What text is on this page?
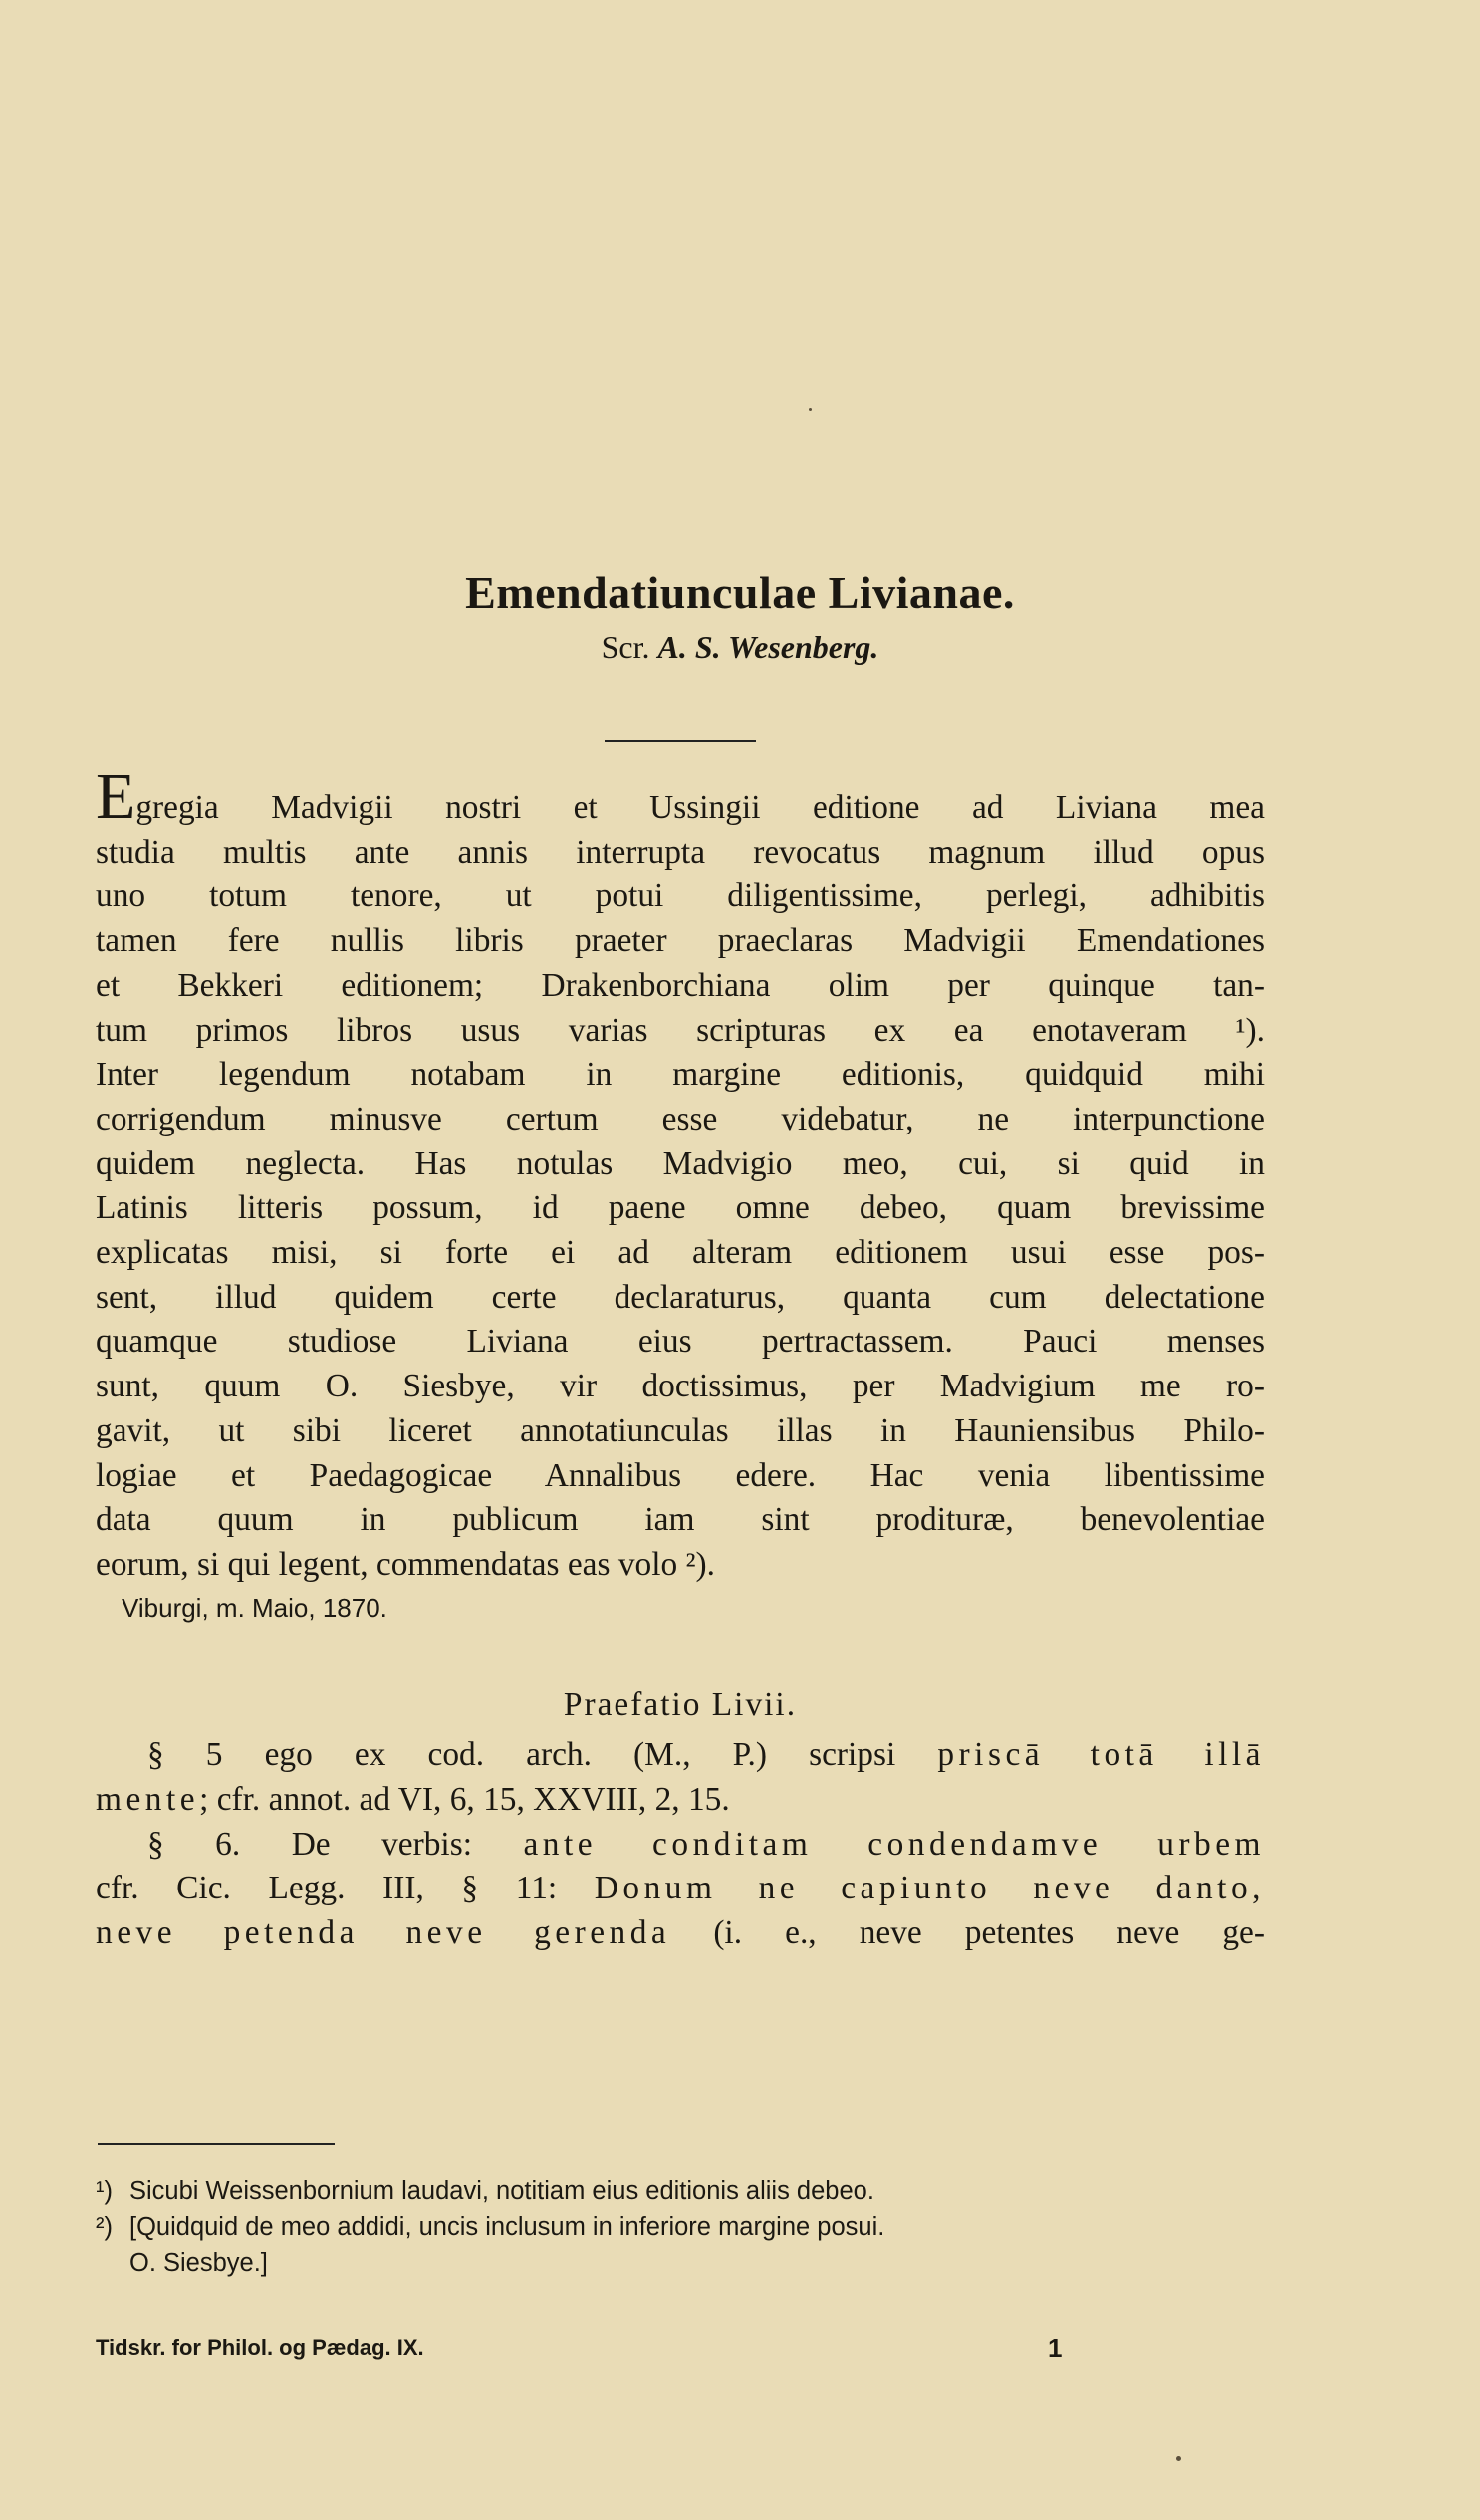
Emendatiunculae Livianae.
Scr. A. S. Wesenberg.
Egregia Madvigii nostri et Ussingii editione ad Liviana mea
studia multis ante annis interrupta revocatus magnum illud opus
uno totum tenore, ut potui diligentissime, perlegi, adhibitis
tamen fere nullis libris praeter praeclaras Madvigii Emendationes
et Bekkeri editionem; Drakenborchiana olim per quinque tan-
tum primos libros usus varias scripturas ex ea enotaveram ¹).
Inter legendum notabam in margine editionis, quidquid mihi
corrigendum minusve certum esse videbatur, ne interpunctione
quidem neglecta. Has notulas Madvigio meo, cui, si quid in
Latinis litteris possum, id paene omne debeo, quam brevissime
explicatas misi, si forte ei ad alteram editionem usui esse pos-
sent, illud quidem certe declaraturus, quanta cum delectatione
quamque studiose Liviana eius pertractassem. Pauci menses
sunt, quum O. Siesbye, vir doctissimus, per Madvigium me ro-
gavit, ut sibi liceret annotatiunculas illas in Hauniensibus Philo-
logiae et Paedagogicae Annalibus edere. Hac venia libentissime
data quum in publicum iam sint prodituræ, benevolentiae
eorum, si qui legent, commendatas eas volo ²).
Viburgi, m. Maio, 1870.
Praefatio Livii.
§ 5 ego ex cod. arch. (M., P.) scripsi priscā totā illā
mente; cfr. annot. ad VI, 6, 15, XXVIII, 2, 15.
§ 6. De verbis: ante conditam condendamve urbem
cfr. Cic. Legg. III, § 11: Donum ne capiunto neve danto,
neve petenda neve gerenda (i. e., neve petentes neve ge-
¹) Sicubi Weissenbornium laudavi, notitiam eius editionis aliis debeo.
²) [Quidquid de meo addidi, uncis inclusum in inferiore margine posui.
O. Siesbye.]
Tidskr. for Philol. og Pædag. IX.	1
